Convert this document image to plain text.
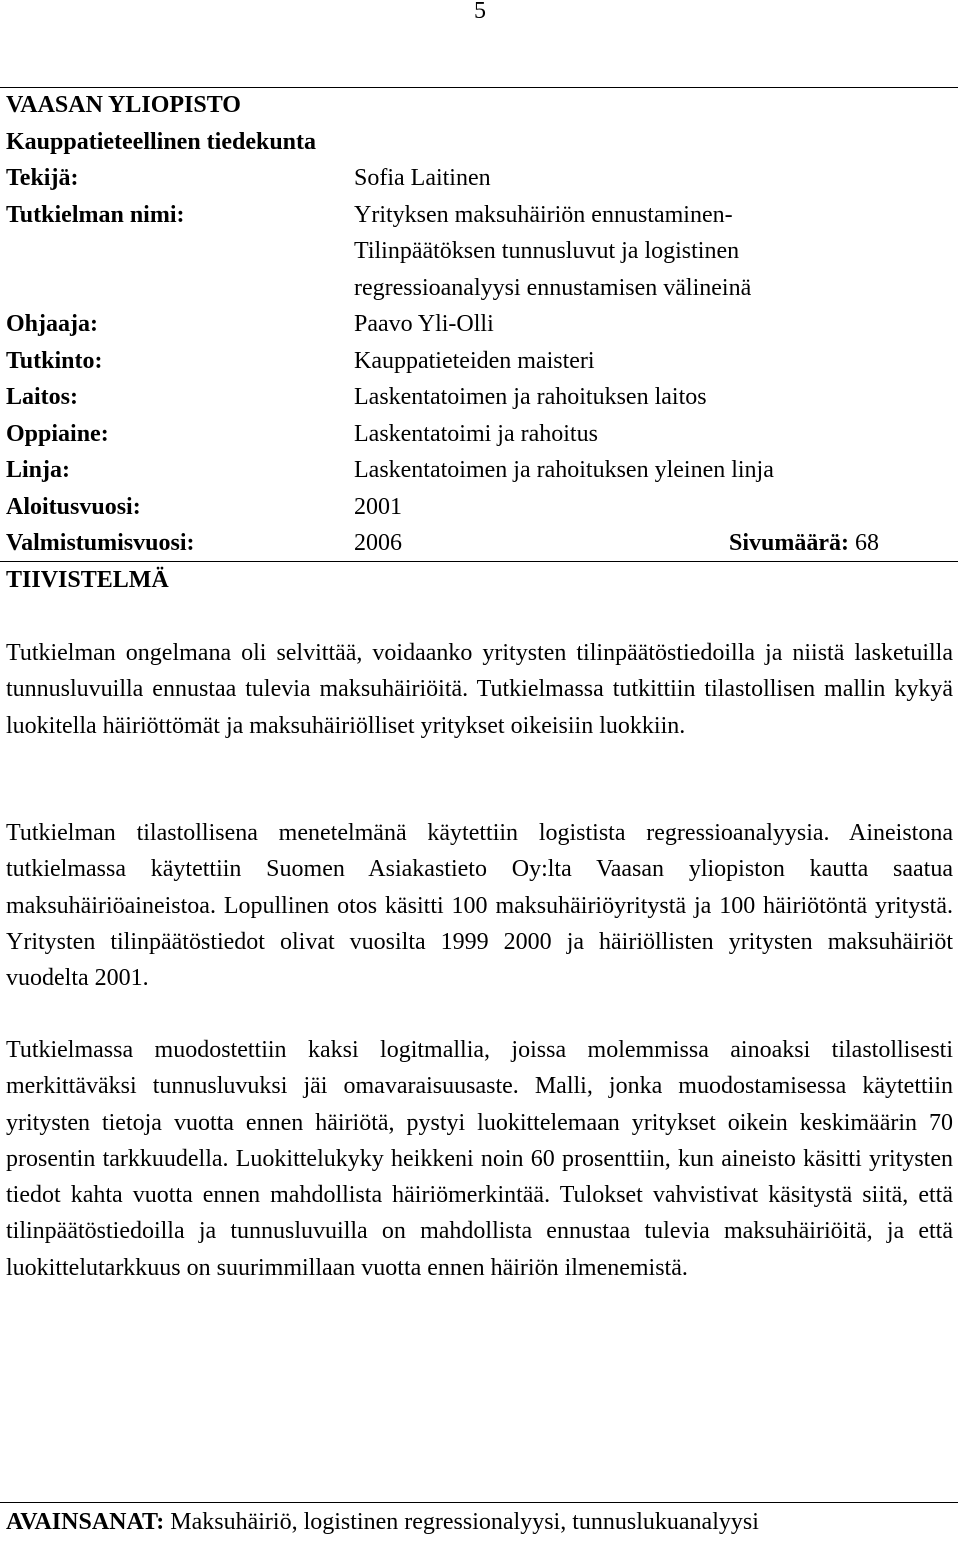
5
VAASAN YLIOPISTO
Kauppatieteellinen tiedekunta
Tekijä:	Sofia Laitinen
Tutkielman nimi:	Yrityksen maksuhäiriön ennustaminen-
Tilinpäätöksen tunnusluvut ja logistinen
regressioanalyysi ennustamisen välineinä
Ohjaaja:	Paavo Yli-Olli
Tutkinto:	Kauppatieteiden maisteri
Laitos:	Laskentatoimen ja rahoituksen laitos
Oppiaine:	Laskentatoimi ja rahoitus
Linja:	Laskentatoimen ja rahoituksen yleinen linja
Aloitusvuosi:	2001
Valmistumisvuosi:	2006	Sivumäärä: 68
TIIVISTELMÄ
Tutkielman ongelmana oli selvittää, voidaanko yritysten tilinpäätöstiedoilla ja niistä lasketuilla tunnusluvuilla ennustaa tulevia maksuhäiriöitä. Tutkielmassa tutkittiin tilastollisen mallin kykyä luokitella häiriöttömät ja maksuhäiriölliset yritykset oikeisiin luokkiin.
Tutkielman tilastollisena menetelmänä käytettiin logistista regressioanalyysia. Aineistona tutkielmassa käytettiin Suomen Asiakastieto Oy:lta Vaasan yliopiston kautta saatua maksuhäiriöaineistoa. Lopullinen otos käsitti 100 maksuhäiriöyritystä ja 100 häiriötöntä yritystä. Yritysten tilinpäätöstiedot olivat vuosilta 1999 2000 ja häiriöllisten yritysten maksuhäiriöt vuodelta 2001.
Tutkielmassa muodostettiin kaksi logitmallia, joissa molemmissa ainoaksi tilastollisesti merkittäväksi tunnusluvuksi jäi omavaraisuusaste. Malli, jonka muodostamisessa käytettiin yritysten tietoja vuotta ennen häiriötä, pystyi luokittelemaan yritykset oikein keskimäärin 70 prosentin tarkkuudella. Luokittelukyky heikkeni noin 60 prosenttiin, kun aineisto käsitti yritysten tiedot kahta vuotta ennen mahdollista häiriömerkintää. Tulokset vahvistivat käsitystä siitä, että tilinpäätöstiedoilla ja tunnusluvuilla on mahdollista ennustaa tulevia maksuhäiriöitä, ja että luokittelutarkkuus on suurimmillaan vuotta ennen häiriön ilmenemistä.
AVAINSANAT: Maksuhäiriö, logistinen regressionalyysi, tunnuslukuanalyysi
